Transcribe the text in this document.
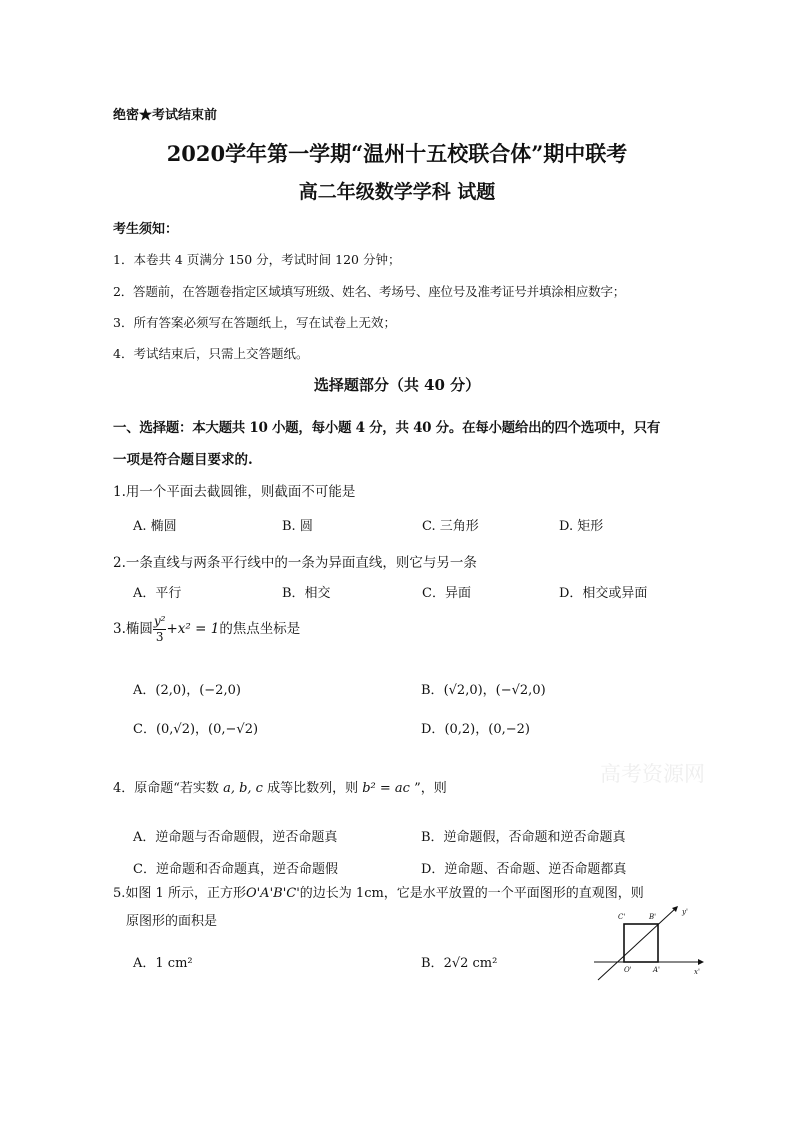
绝密★考试结束前
2020学年第一学期“温州十五校联合体”期中联考
高二年级数学学科 试题
考生须知：
1．本卷共 4 页满分 150 分，考试时间 120 分钟；
2．答题前，在答题卷指定区域填写班级、姓名、考场号、座位号及准考证号并填涂相应数字；
3．所有答案必须写在答题纸上，写在试卷上无效；
4．考试结束后，只需上交答题纸。
选择题部分（共 40 分）
一、选择题：本大题共 10 小题，每小题 4 分，共 40 分。在每小题给出的四个选项中，只有
一项是符合题目要求的.
1.用一个平面去截圆锥，则截面不可能是
A. 椭圆	B. 圆	C. 三角形	D. 矩形
2.一条直线与两条平行线中的一条为异面直线，则它与另一条
A．平行	B．相交	C．异面	D．相交或异面
3.椭圆 $\frac{\text{y²}}{3} +x^2 = 1$的焦点坐标是
A．(2,0)，(−2,0)	B．(√2,0)，(−√2,0)
C．(0,√2)，(0,−√2)	D．(0,2)，(0,−2)
高考资源网
4．原命题“若实数 a, b, c 成等比数列，则 b² = ac ”，则
A．逆命题与否命题假，逆否命题真	B．逆命题假，否命题和逆否命题真
C．逆命题和否命题真，逆否命题假	D．逆命题、否命题、逆否命题都真
5.如图 1 所示，正方形O'A'B'C'的边长为 1cm，它是水平放置的一个平面图形的直观图，则
原图形的面积是
A．1 cm²	B．2√2 cm²
C'	B'
O'	A'	x'
y'
